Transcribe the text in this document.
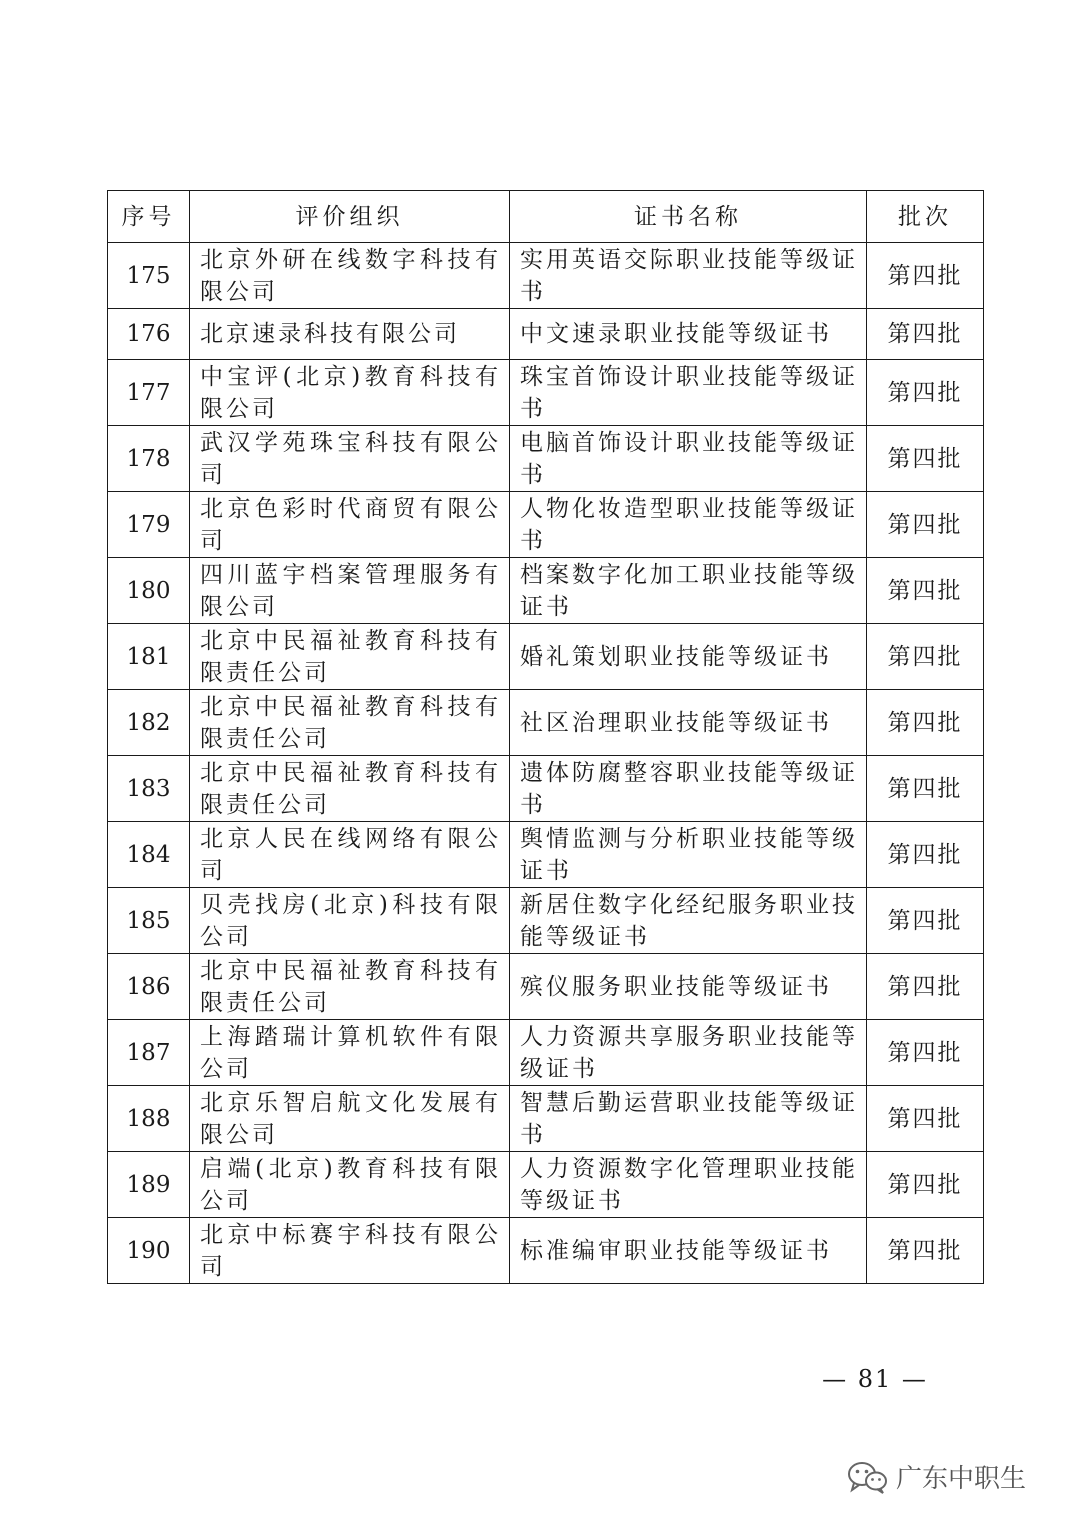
序号	评价组织	证书名称	批次
175	北京外研在线数字科技有限公司	实用英语交际职业技能等级证书	第四批
176	北京速录科技有限公司	中文速录职业技能等级证书	第四批
177	中宝评(北京)教育科技有限公司	珠宝首饰设计职业技能等级证书	第四批
178	武汉学苑珠宝科技有限公司	电脑首饰设计职业技能等级证书	第四批
179	北京色彩时代商贸有限公司	人物化妆造型职业技能等级证书	第四批
180	四川蓝宇档案管理服务有限公司	档案数字化加工职业技能等级证书	第四批
181	北京中民福祉教育科技有限责任公司	婚礼策划职业技能等级证书	第四批
182	北京中民福祉教育科技有限责任公司	社区治理职业技能等级证书	第四批
183	北京中民福祉教育科技有限责任公司	遗体防腐整容职业技能等级证书	第四批
184	北京人民在线网络有限公司	舆情监测与分析职业技能等级证书	第四批
185	贝壳找房(北京)科技有限公司	新居住数字化经纪服务职业技能等级证书	第四批
186	北京中民福祉教育科技有限责任公司	殡仪服务职业技能等级证书	第四批
187	上海踏瑞计算机软件有限公司	人力资源共享服务职业技能等级证书	第四批
188	北京乐智启航文化发展有限公司	智慧后勤运营职业技能等级证书	第四批
189	启端(北京)教育科技有限公司	人力资源数字化管理职业技能等级证书	第四批
190	北京中标赛宇科技有限公司	标准编审职业技能等级证书	第四批
— 81 —
广东中职生
